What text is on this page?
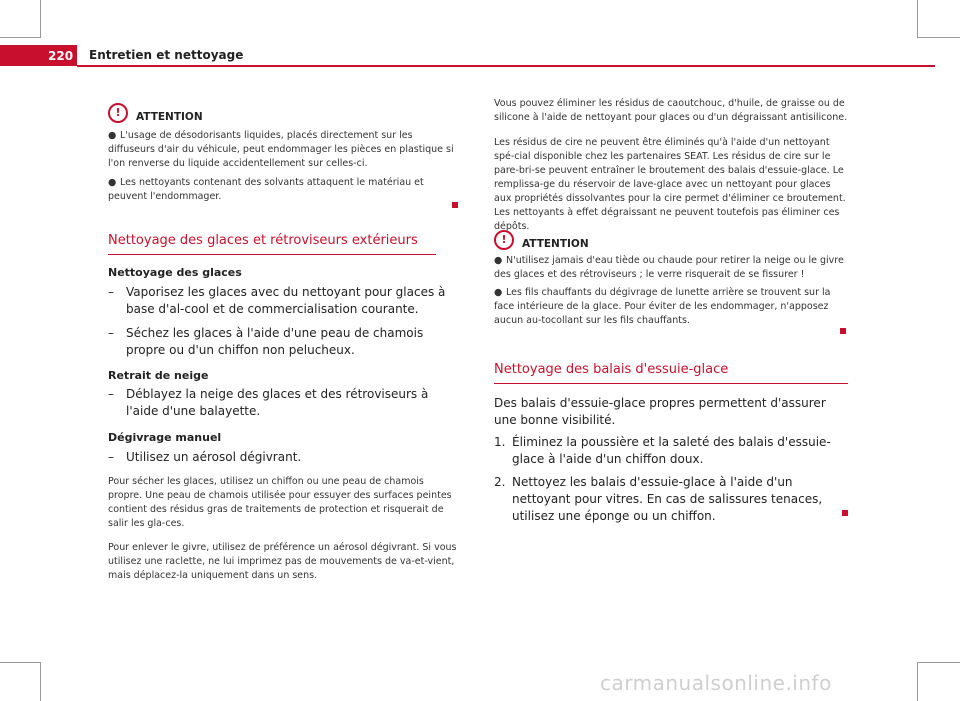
220 Entretien et nettoyage
!	ATTENTION
● L'usage de désodorisants liquides, placés directement sur les diffuseurs d'air du véhicule, peut endommager les pièces en plastique si l'on renverse du liquide accidentellement sur celles-ci.

● Les nettoyants contenant des solvants attaquent le matériau et peuvent l'endommager.

Nettoyage des glaces et rétroviseurs extérieurs

Nettoyage des glaces

–	Vaporisez les glaces avec du nettoyant pour glaces à base d'al-cool et de commercialisation courante.
–	Séchez les glaces à l'aide d'une peau de chamois propre ou d'un chiffon non pelucheux.

Retrait de neige

–	Déblayez la neige des glaces et des rétroviseurs à l'aide d'une balayette.

Dégivrage manuel

–	Utilisez un aérosol dégivrant.

Pour sécher les glaces, utilisez un chiffon ou une peau de chamois propre. Une peau de chamois utilisée pour essuyer des surfaces peintes contient des résidus gras de traitements de protection et risquerait de salir les gla-ces.

Pour enlever le givre, utilisez de préférence un aérosol dégivrant. Si vous utilisez une raclette, ne lui imprimez pas de mouvements de va-et-vient, mais déplacez-la uniquement dans un sens.

Vous pouvez éliminer les résidus de caoutchouc, d'huile, de graisse ou de silicone à l'aide de nettoyant pour glaces ou d'un dégraissant antisilicone.

Les résidus de cire ne peuvent être éliminés qu'à l'aide d'un nettoyant spé-cial disponible chez les partenaires SEAT. Les résidus de cire sur le pare-bri-se peuvent entraîner le broutement des balais d'essuie-glace. Le remplissa-ge du réservoir de lave-glace avec un nettoyant pour glaces aux propriétés dissolvantes pour la cire permet d'éliminer ce broutement. Les nettoyants à effet dégraissant ne peuvent toutefois pas éliminer ces dépôts.

!	ATTENTION
● N'utilisez jamais d'eau tiède ou chaude pour retirer la neige ou le givre des glaces et des rétroviseurs ; le verre risquerait de se fissurer !

● Les fils chauffants du dégivrage de lunette arrière se trouvent sur la face intérieure de la glace. Pour éviter de les endommager, n'apposez aucun au-tocollant sur les fils chauffants.

Nettoyage des balais d'essuie-glace

Des balais d'essuie-glace propres permettent d'assurer une bonne visibilité.

1. Éliminez la poussière et la saleté des balais d'essuie-glace à l'aide d'un chiffon doux.
2. Nettoyez les balais d'essuie-glace à l'aide d'un nettoyant pour vitres. En cas de salissures tenaces, utilisez une éponge ou un chiffon.
carmanualsonline.info
